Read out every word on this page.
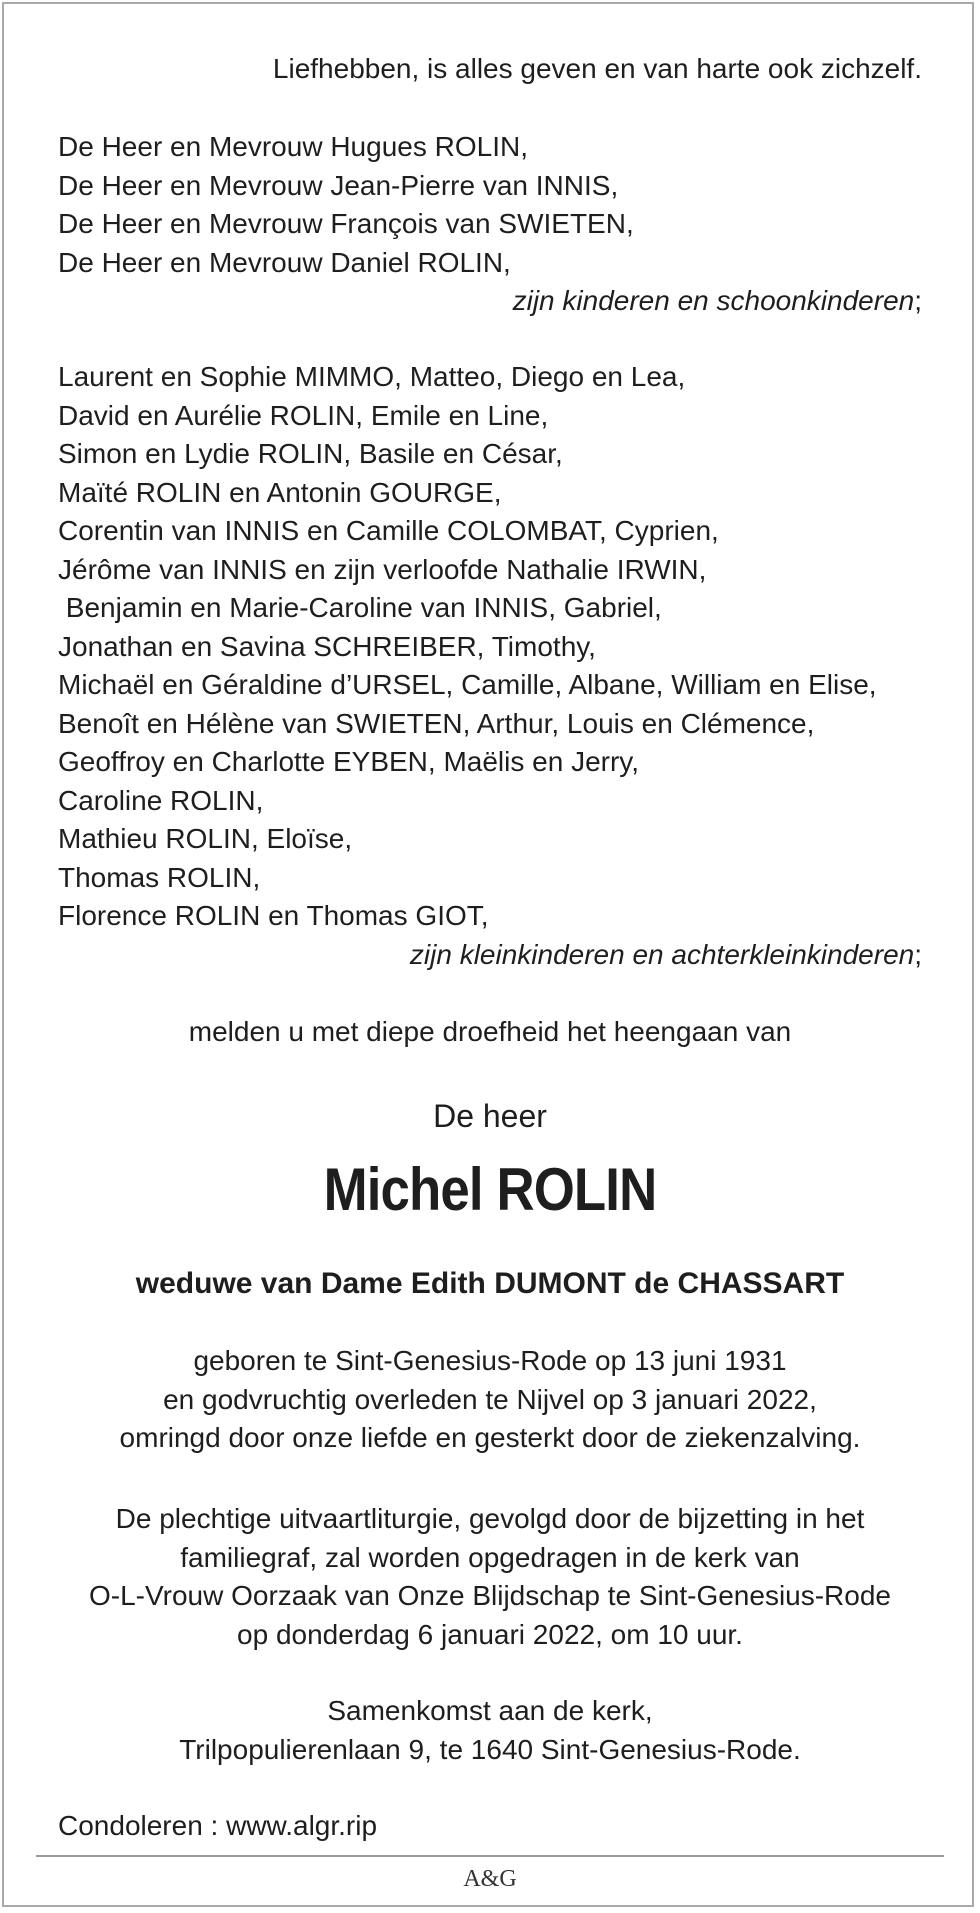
Liefhebben, is alles geven en van harte ook zichzelf.
De Heer en Mevrouw Hugues ROLIN,
De Heer en Mevrouw Jean-Pierre van INNIS,
De Heer en Mevrouw François van SWIETEN,
De Heer en Mevrouw Daniel ROLIN,
zijn kinderen en schoonkinderen;
Laurent en Sophie MIMMO, Matteo, Diego en Lea,
David en Aurélie ROLIN, Emile en Line,
Simon en Lydie ROLIN, Basile en César,
Maïté ROLIN en Antonin GOURGE,
Corentin van INNIS en Camille COLOMBAT, Cyprien,
Jérôme van INNIS en zijn verloofde Nathalie IRWIN,
Benjamin en Marie-Caroline van INNIS, Gabriel,
Jonathan en Savina SCHREIBER, Timothy,
Michaël en Géraldine d’URSEL, Camille, Albane, William en Elise,
Benoît en Hélène van SWIETEN, Arthur, Louis en Clémence,
Geoffroy en Charlotte EYBEN, Maëlis en Jerry,
Caroline ROLIN,
Mathieu ROLIN, Eloïse,
Thomas ROLIN,
Florence ROLIN en Thomas GIOT,
zijn kleinkinderen en achterkleinkinderen;
melden u met diepe droefheid het heengaan van
De heer
Michel ROLIN
weduwe van Dame Edith DUMONT de CHASSART
geboren te Sint-Genesius-Rode op 13 juni 1931
en godvruchtig overleden te Nijvel op 3 januari 2022,
omringd door onze liefde en gesterkt door de ziekenzalving.
De plechtige uitvaartliturgie, gevolgd door de bijzetting in het
familiegraf, zal worden opgedragen in de kerk van
O-L-Vrouw Oorzaak van Onze Blijdschap te Sint-Genesius-Rode
op donderdag 6 januari 2022, om 10 uur.
Samenkomst aan de kerk,
Trilpopulierenlaan 9, te 1640 Sint-Genesius-Rode.
Condoleren : www.algr.rip
A&G
